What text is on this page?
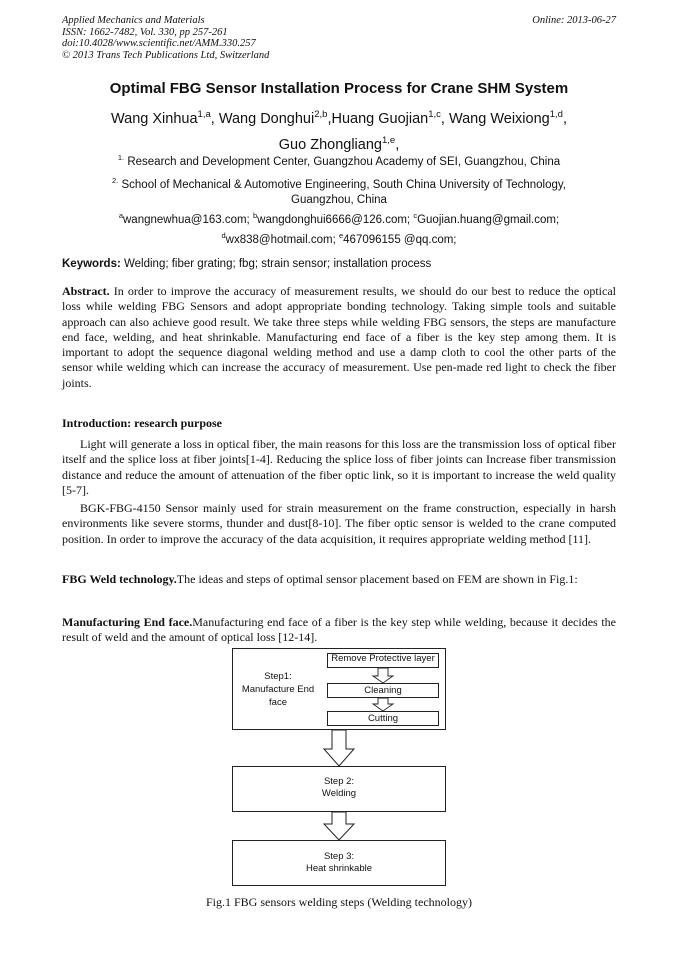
Applied Mechanics and Materials
ISSN: 1662-7482, Vol. 330, pp 257-261
doi:10.4028/www.scientific.net/AMM.330.257
© 2013 Trans Tech Publications Ltd, Switzerland
Online: 2013-06-27
Optimal FBG Sensor Installation Process for Crane SHM System
Wang Xinhua$^{1,a}$, Wang Donghui$^{2,b}$,Huang Guojian$^{1,c}$, Wang Weixiong$^{1,d}$,
Guo Zhongliang$^{1,e}$,
$^{1.}$ Research and Development Center, Guangzhou Academy of SEI, Guangzhou, China
$^{2.}$ School of Mechanical & Automotive Engineering, South China University of Technology,
Guangzhou, China
$^a$wangnewhua@163.com; $^b$wangdonghui6666@126.com; $^c$Guojian.huang@gmail.com;
$^d$wx838@hotmail.com; $^e$467096155 @qq.com;
Keywords: Welding; fiber grating; fbg; strain sensor; installation process
Abstract. In order to improve the accuracy of measurement results, we should do our best to reduce the optical loss while welding FBG Sensors and adopt appropriate bonding technology. Taking simple tools and suitable approach can also achieve good result. We take three steps while welding FBG sensors, the steps are manufacture end face, welding, and heat shrinkable. Manufacturing end face of a fiber is the key step among them. It is important to adopt the sequence diagonal welding method and use a damp cloth to cool the other parts of the sensor while welding which can increase the accuracy of measurement. Use pen-made red light to check the fiber joints.
Introduction: research purpose
Light will generate a loss in optical fiber, the main reasons for this loss are the transmission loss of optical fiber itself and the splice loss at fiber joints[1-4]. Reducing the splice loss of fiber joints can Increase fiber transmission distance and reduce the amount of attenuation of the fiber optic link, so it is important to increase the weld quality [5-7].
BGK-FBG-4150 Sensor mainly used for strain measurement on the frame construction, especially in harsh environments like severe storms, thunder and dust[8-10]. The fiber optic sensor is welded to the crane computed position. In order to improve the accuracy of the data acquisition, it requires appropriate welding method [11].
FBG Weld technology.The ideas and steps of optimal sensor placement based on FEM are shown in Fig.1:
Manufacturing End face.Manufacturing end face of a fiber is the key step while welding, because it decides the result of weld and the amount of optical loss [12-14].
Step1:
Manufacture End face
Remove Protective layer
Cleaning
Cutting
Step 2:
Welding
Step 3:
Heat shrinkable
Fig.1 FBG sensors welding steps (Welding technology)
